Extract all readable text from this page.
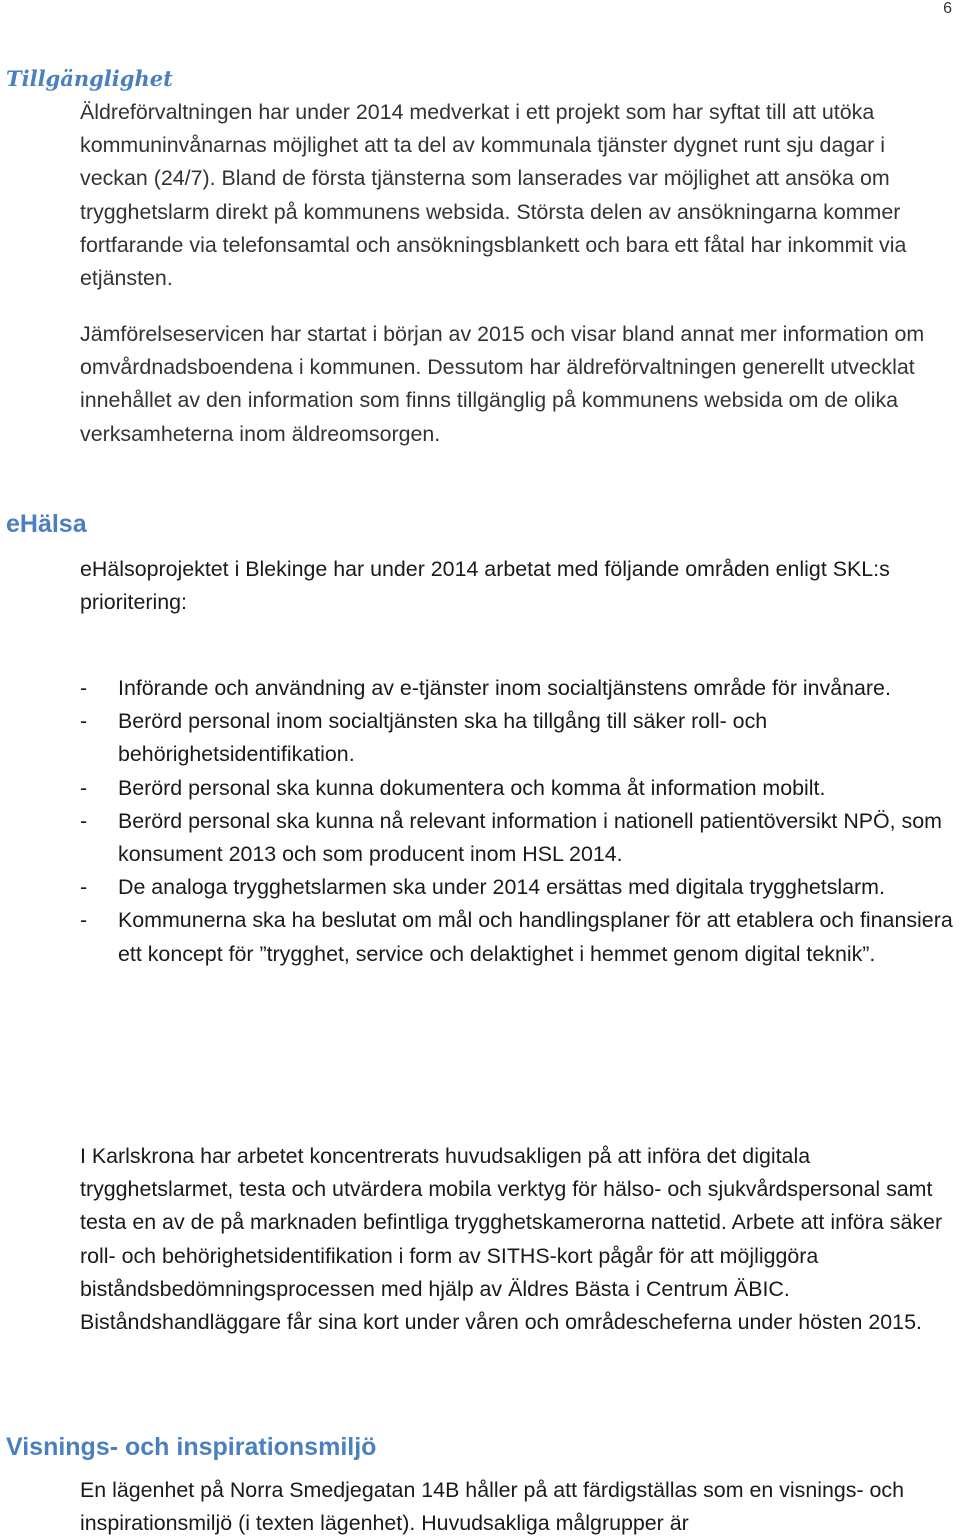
6
Tillgänglighet

Äldreförvaltningen har under 2014 medverkat i ett projekt som har syftat till att utöka kommuninvånarnas möjlighet att ta del av kommunala tjänster dygnet runt sju dagar i veckan (24/7). Bland de första tjänsterna som lanserades var möjlighet att ansöka om trygghetslarm direkt på kommunens websida. Största delen av ansökningarna kommer fortfarande via telefonsamtal och ansökningsblankett och bara ett fåtal har inkommit via etjänsten.

Jämförelseservicen har startat i början av 2015 och visar bland annat mer information om omvårdnadsboendena i kommunen. Dessutom har äldreförvaltningen generellt utvecklat innehållet av den information som finns tillgänglig på kommunens websida om de olika verksamheterna inom äldreomsorgen.

eHälsa

eHälsoprojektet i Blekinge har under 2014 arbetat med följande områden enligt SKL:s prioritering:

- Införande och användning av e-tjänster inom socialtjänstens område för invånare.
- Berörd personal inom socialtjänsten ska ha tillgång till säker roll- och behörighetsidentifikation.
- Berörd personal ska kunna dokumentera och komma åt information mobilt.
- Berörd personal ska kunna nå relevant information i nationell patientöversikt NPÖ, som konsument 2013 och som producent inom HSL 2014.
- De analoga trygghetslarmen ska under 2014 ersättas med digitala trygghetslarm.
- Kommunerna ska ha beslutat om mål och handlingsplaner för att etablera och finansiera ett koncept för ”trygghet, service och delaktighet i hemmet genom digital teknik”.

I Karlskrona har arbetet koncentrerats huvudsakligen på att införa det digitala trygghetslarmet, testa och utvärdera mobila verktyg för hälso- och sjukvårdspersonal samt testa en av de på marknaden befintliga trygghetskamerorna nattetid. Arbete att införa säker roll- och behörighetsidentifikation i form av SITHS-kort pågår för att möjliggöra biståndsbedömningsprocessen med hjälp av Äldres Bästa i Centrum ÄBIC. Biståndshandläggare får sina kort under våren och områdescheferna under hösten 2015.

Visnings- och inspirationsmiljö

En lägenhet på Norra Smedjegatan 14B håller på att färdigställas som en visnings- och inspirationsmiljö (i texten lägenhet). Huvudsakliga målgrupper är
